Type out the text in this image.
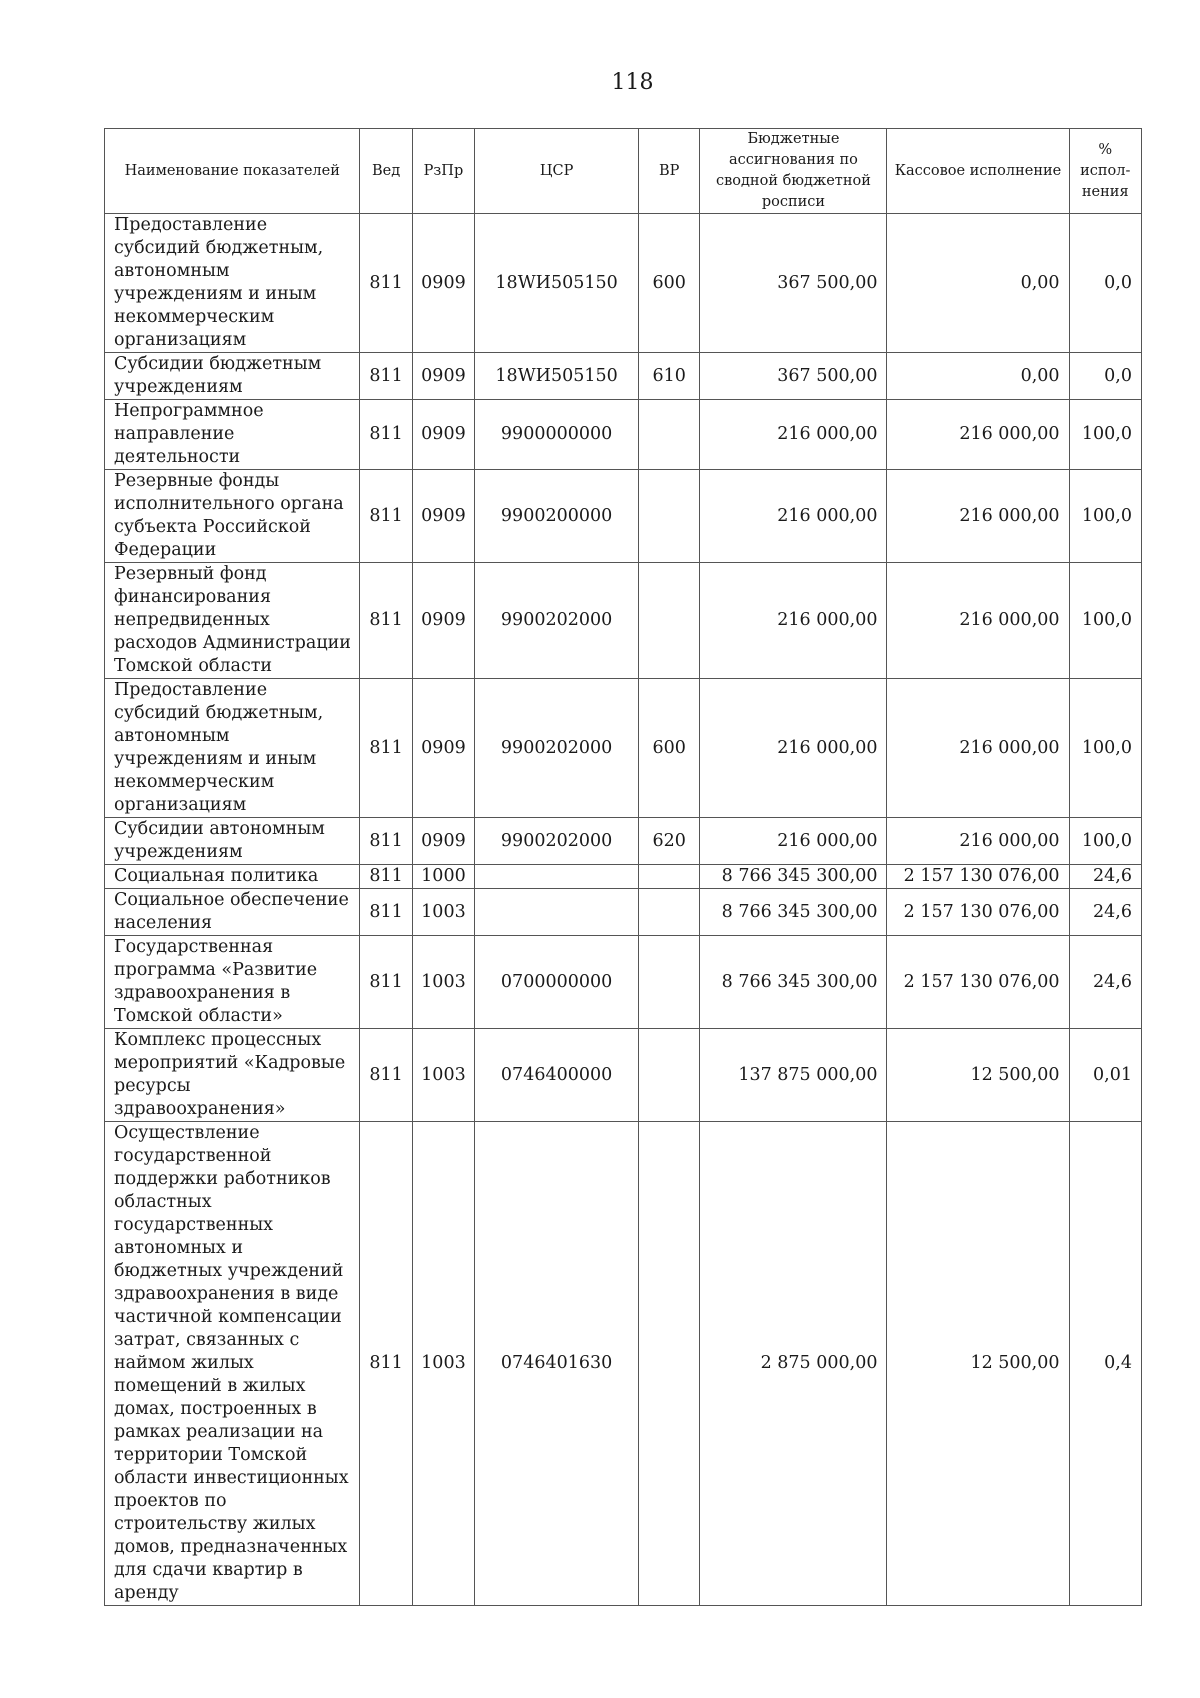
118
Наименование показателей	Вед	РзПр	ЦСР	ВР	Бюджетные ассигнования по сводной бюджетной росписи	Кассовое исполнение	% испол-нения
Предоставление субсидий бюджетным, автономным учреждениям и иным некоммерческим организациям	811	0909	18WИ505150	600	367 500,00	0,00	0,0
Субсидии бюджетным учреждениям	811	0909	18WИ505150	610	367 500,00	0,00	0,0
Непрограммное направление деятельности	811	0909	9900000000		216 000,00	216 000,00	100,0
Резервные фонды исполнительного органа субъекта Российской Федерации	811	0909	9900200000		216 000,00	216 000,00	100,0
Резервный фонд финансирования непредвиденных расходов Администрации Томской области	811	0909	9900202000		216 000,00	216 000,00	100,0
Предоставление субсидий бюджетным, автономным учреждениям и иным некоммерческим организациям	811	0909	9900202000	600	216 000,00	216 000,00	100,0
Субсидии автономным учреждениям	811	0909	9900202000	620	216 000,00	216 000,00	100,0
Социальная политика	811	1000			8 766 345 300,00	2 157 130 076,00	24,6
Социальное обеспечение населения	811	1003			8 766 345 300,00	2 157 130 076,00	24,6
Государственная программа «Развитие здравоохранения в Томской области»	811	1003	0700000000		8 766 345 300,00	2 157 130 076,00	24,6
Комплекс процессных мероприятий «Кадровые ресурсы здравоохранения»	811	1003	0746400000		137 875 000,00	12 500,00	0,01
Осуществление государственной поддержки работников областных государственных автономных и бюджетных учреждений здравоохранения в виде частичной компенсации затрат, связанных с наймом жилых помещений в жилых домах, построенных в рамках реализации на территории Томской области инвестиционных проектов по строительству жилых домов, предназначенных для сдачи квартир в аренду	811	1003	0746401630		2 875 000,00	12 500,00	0,4
